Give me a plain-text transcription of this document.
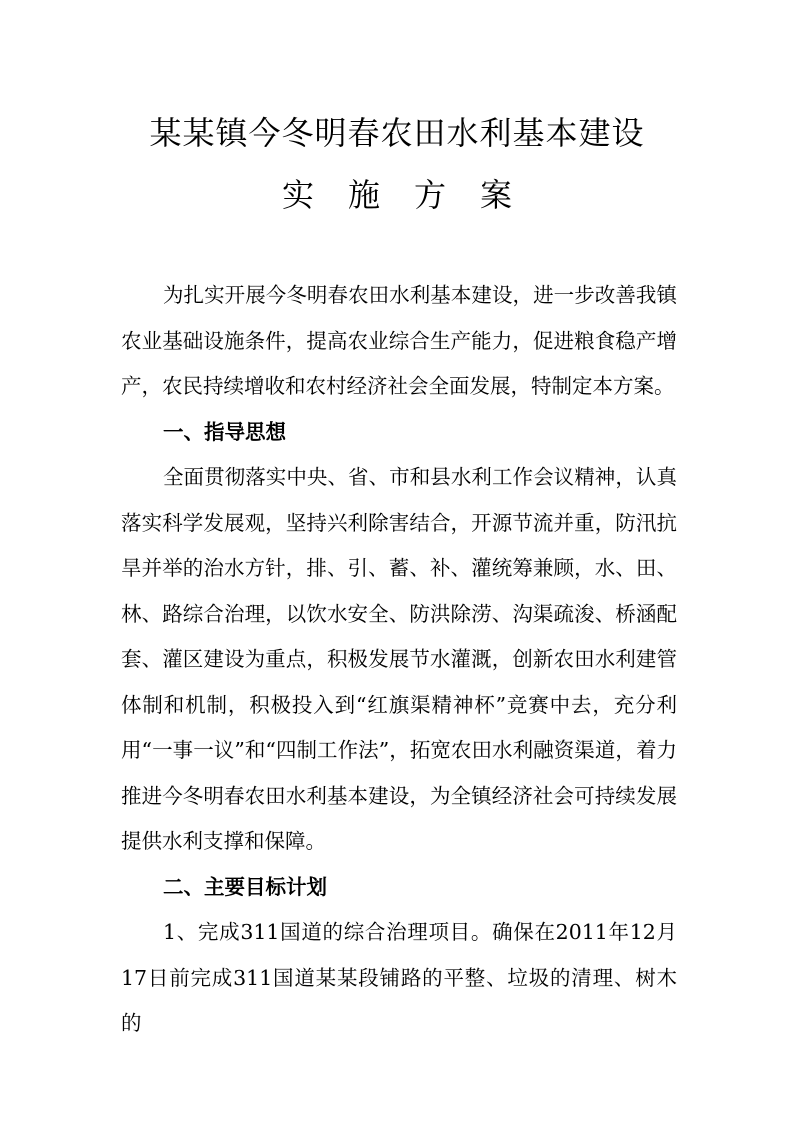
某某镇今冬明春农田水利基本建设
实施方案

为扎实开展今冬明春农田水利基本建设，进一步改善我镇农业基础设施条件，提高农业综合生产能力，促进粮食稳产增产，农民持续增收和农村经济社会全面发展，特制定本方案。

一、指导思想

全面贯彻落实中央、省、市和县水利工作会议精神，认真落实科学发展观，坚持兴利除害结合，开源节流并重，防汛抗旱并举的治水方针，排、引、蓄、补、灌统筹兼顾，水、田、林、路综合治理，以饮水安全、防洪除涝、沟渠疏浚、桥涵配套、灌区建设为重点，积极发展节水灌溉，创新农田水利建管体制和机制，积极投入到“红旗渠精神杯”竞赛中去，充分利用“一事一议”和“四制工作法”，拓宽农田水利融资渠道，着力推进今冬明春农田水利基本建设，为全镇经济社会可持续发展提供水利支撑和保障。

二、主要目标计划

1、完成311国道的综合治理项目。确保在2011年12月17日前完成311国道某某段铺路的平整、垃圾的清理、树木的
